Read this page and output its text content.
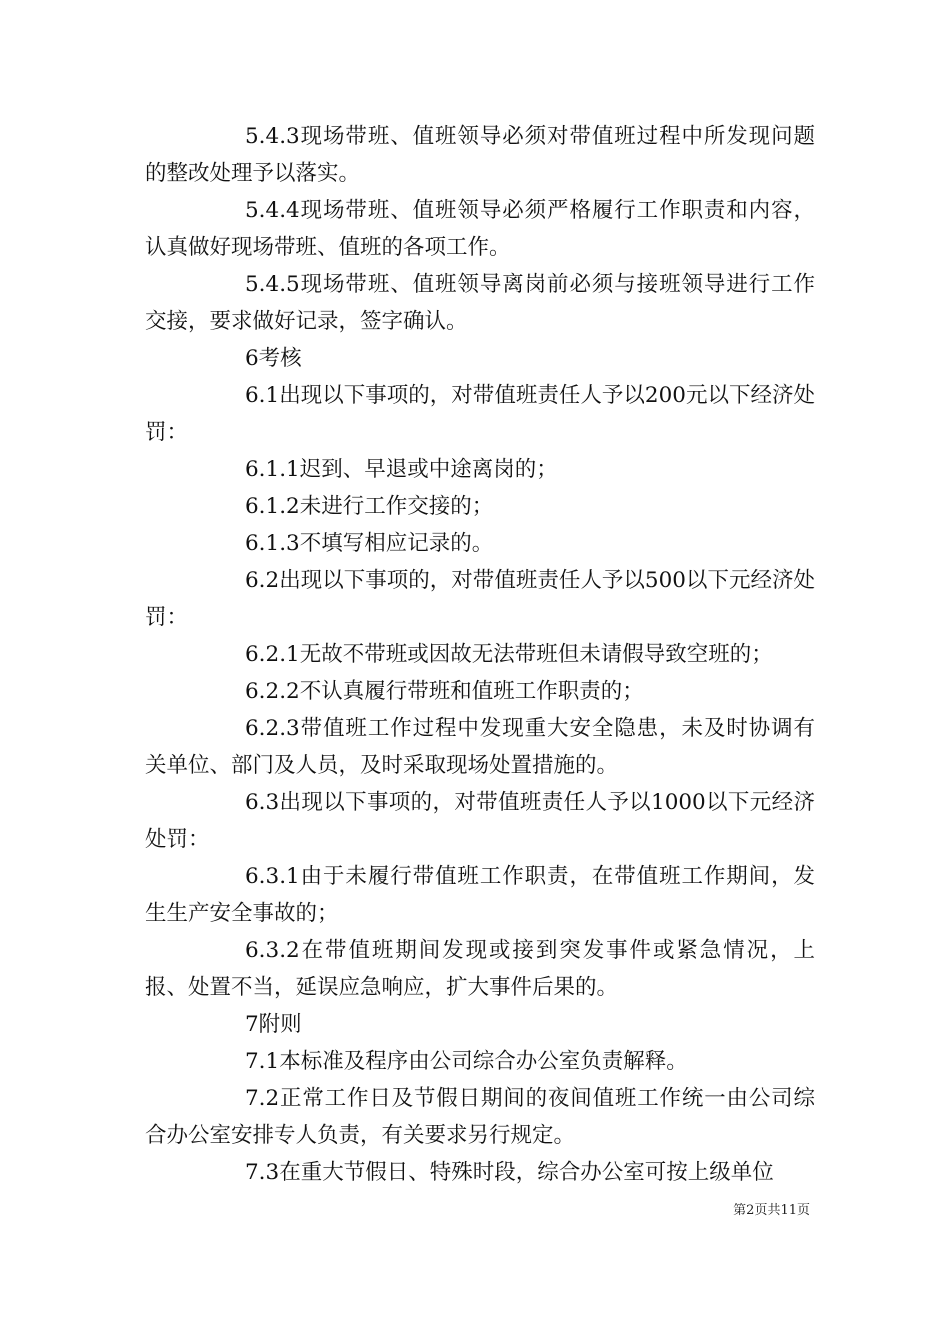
5.4.3现场带班、值班领导必须对带值班过程中所发现问题的整改处理予以落实。

5.4.4现场带班、值班领导必须严格履行工作职责和内容，认真做好现场带班、值班的各项工作。

5.4.5现场带班、值班领导离岗前必须与接班领导进行工作交接，要求做好记录，签字确认。

6考核

6.1出现以下事项的，对带值班责任人予以200元以下经济处罚：

6.1.1迟到、早退或中途离岗的；

6.1.2未进行工作交接的；

6.1.3不填写相应记录的。

6.2出现以下事项的，对带值班责任人予以500以下元经济处罚：

6.2.1无故不带班或因故无法带班但未请假导致空班的；

6.2.2不认真履行带班和值班工作职责的；

6.2.3带值班工作过程中发现重大安全隐患，未及时协调有关单位、部门及人员，及时采取现场处置措施的。

6.3出现以下事项的，对带值班责任人予以1000以下元经济处罚：

6.3.1由于未履行带值班工作职责，在带值班工作期间，发生生产安全事故的；

6.3.2在带值班期间发现或接到突发事件或紧急情况，上报、处置不当，延误应急响应，扩大事件后果的。

7附则

7.1本标准及程序由公司综合办公室负责解释。

7.2正常工作日及节假日期间的夜间值班工作统一由公司综合办公室安排专人负责，有关要求另行规定。

7.3在重大节假日、特殊时段，综合办公室可按上级单位

第2页共11页
